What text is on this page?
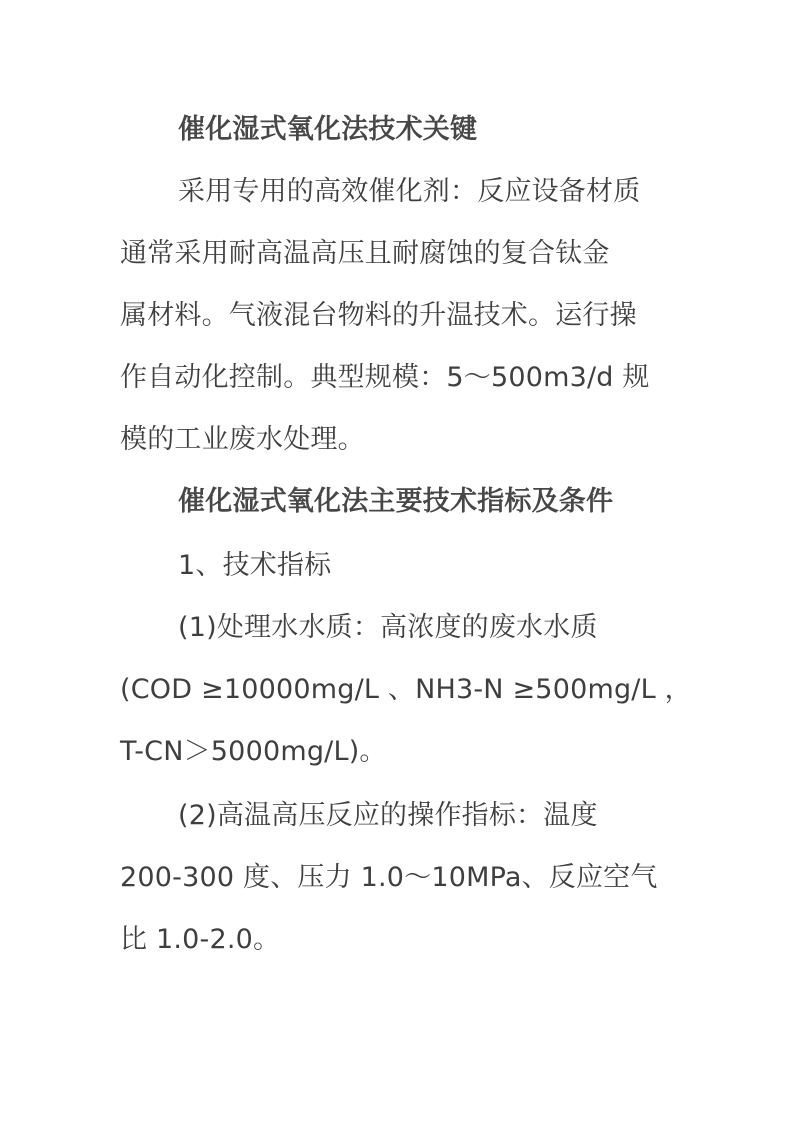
催化湿式氧化法技术关键
采用专用的高效催化剂：反应设备材质
通常采用耐高温高压且耐腐蚀的复合钛金
属材料。气液混台物料的升温技术。运行操
作自动化控制。典型规模：5～500m3/d 规
模的工业废水处理。
催化湿式氧化法主要技术指标及条件
1、技术指标
(1)处理水水质：高浓度的废水水质
(COD ≥10000mg/L 、NH3-N ≥500mg/L ，
T-CN＞5000mg/L)。
(2)高温高压反应的操作指标：温度
200-300 度、压力 1.0～10MPa、反应空气
比 1.0-2.0。
